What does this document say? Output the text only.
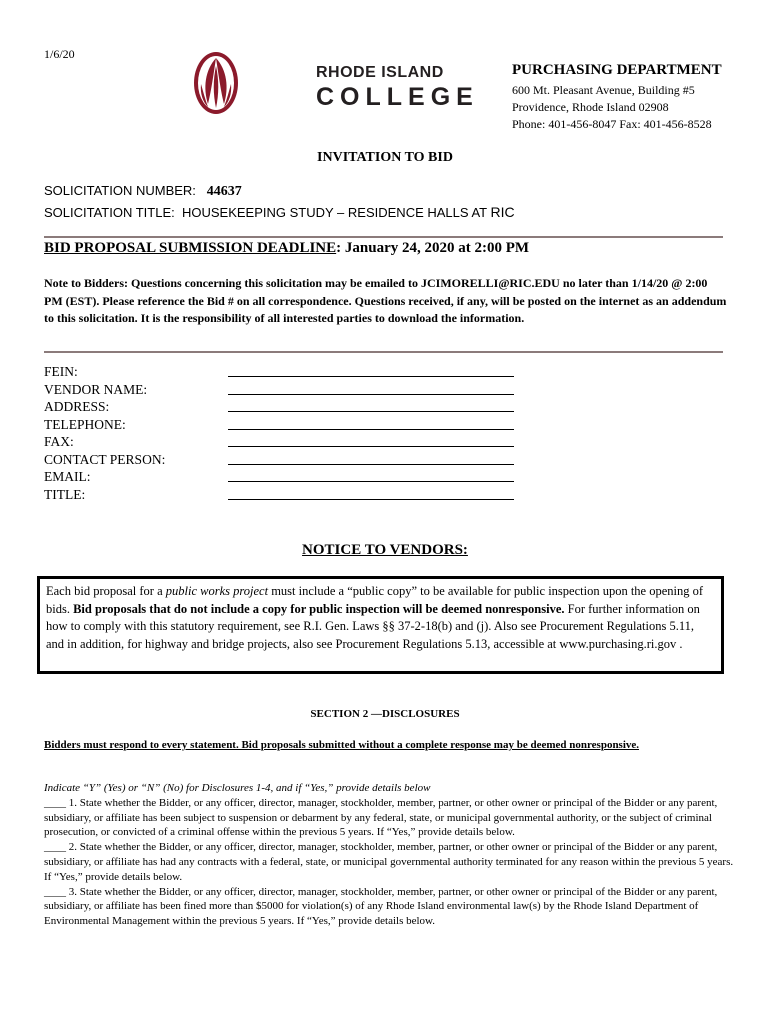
1/6/20
RHODE ISLAND
COLLEGE
PURCHASING DEPARTMENT
600 Mt. Pleasant Avenue, Building #5
Providence, Rhode Island 02908
Phone: 401-456-8047 Fax: 401-456-8528
INVITATION TO BID
SOLICITATION NUMBER: 44637
SOLICITATION TITLE: HOUSEKEEPING STUDY – RESIDENCE HALLS AT RIC
BID PROPOSAL SUBMISSION DEADLINE: January 24, 2020 at 2:00 PM
Note to Bidders: Questions concerning this solicitation may be emailed to JCIMORELLI@RIC.EDU no later than 1/14/20 @ 2:00 PM (EST). Please reference the Bid # on all correspondence. Questions received, if any, will be posted on the internet as an addendum to this solicitation. It is the responsibility of all interested parties to download the information.
FEIN:
VENDOR NAME:
ADDRESS:
TELEPHONE:
FAX:
CONTACT PERSON:
EMAIL:
TITLE:
NOTICE TO VENDORS:
Each bid proposal for a public works project must include a “public copy” to be available for public inspection upon the opening of bids. Bid proposals that do not include a copy for public inspection will be deemed nonresponsive. For further information on how to comply with this statutory requirement, see R.I. Gen. Laws §§ 37-2-18(b) and (j). Also see Procurement Regulations 5.11, and in addition, for highway and bridge projects, also see Procurement Regulations 5.13, accessible at www.purchasing.ri.gov .
SECTION 2 —DISCLOSURES
Bidders must respond to every statement. Bid proposals submitted without a complete response may be deemed nonresponsive.
Indicate “Y” (Yes) or “N” (No) for Disclosures 1-4, and if “Yes,” provide details below
____ 1. State whether the Bidder, or any officer, director, manager, stockholder, member, partner, or other owner or principal of the Bidder or any parent, subsidiary, or affiliate has been subject to suspension or debarment by any federal, state, or municipal governmental authority, or the subject of criminal prosecution, or convicted of a criminal offense within the previous 5 years. If “Yes,” provide details below.
____ 2. State whether the Bidder, or any officer, director, manager, stockholder, member, partner, or other owner or principal of the Bidder or any parent, subsidiary, or affiliate has had any contracts with a federal, state, or municipal governmental authority terminated for any reason within the previous 5 years. If “Yes,” provide details below.
____ 3. State whether the Bidder, or any officer, director, manager, stockholder, member, partner, or other owner or principal of the Bidder or any parent, subsidiary, or affiliate has been fined more than $5000 for violation(s) of any Rhode Island environmental law(s) by the Rhode Island Department of Environmental Management within the previous 5 years. If “Yes,” provide details below.
